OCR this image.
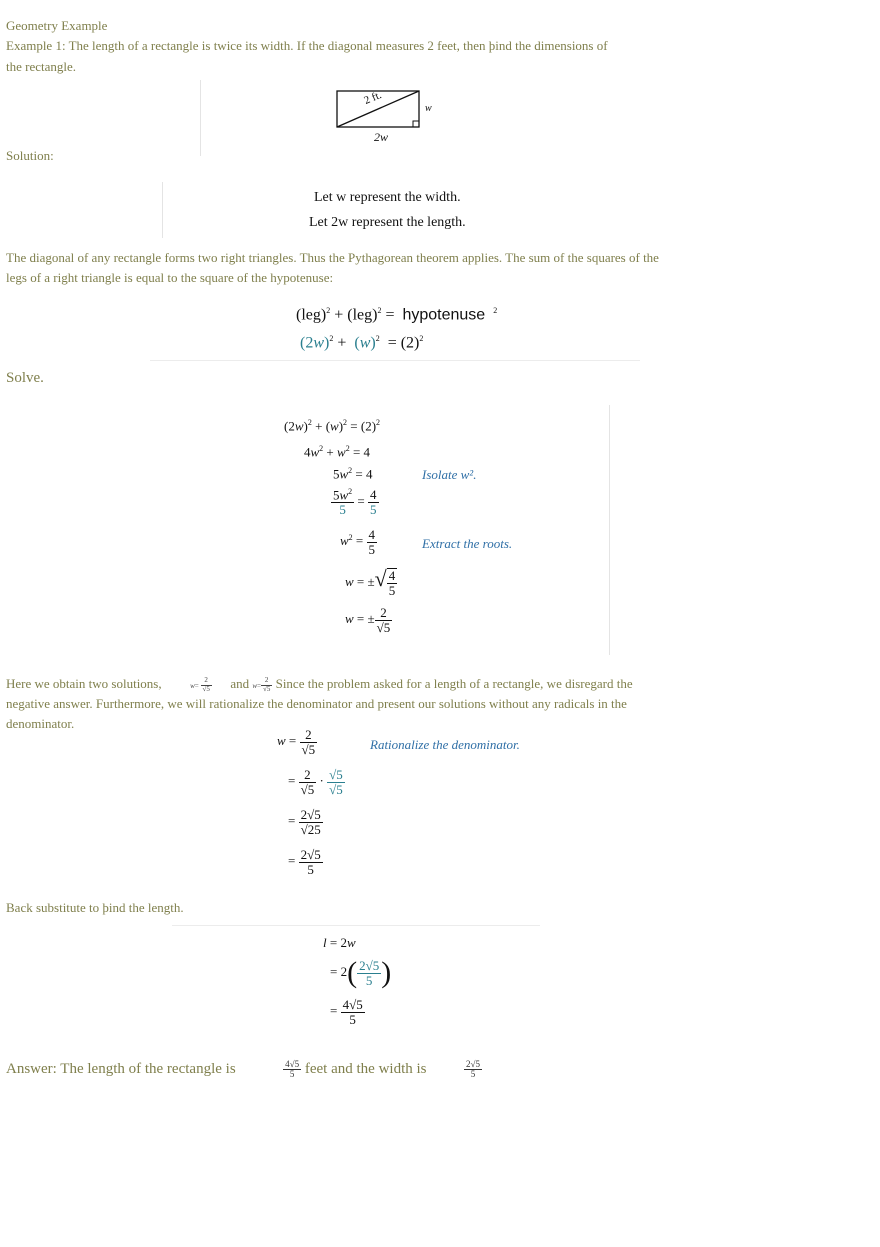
Geometry Example
Example 1: The length of a rectangle is twice its width. If the diagonal measures 2 feet, then þind the dimensions of
the rectangle.
2 ft.
w
2w
Solution:
Let w represent the width.
Let 2w represent the length.
The diagonal of any rectangle forms two right triangles. Thus the Pythagorean theorem applies. The sum of the squares of the
legs of a right triangle is equal to the square of the hypotenuse:
(leg)$^2$ + (leg)$^2$ = hypotenuse $^2$
$(2w)^2 + (w)^2 = (2)^2$
Solve.
$(2w)^2 + (w)^2 = (2)^2$
$4w^2 + w^2 = 4$
$5w^2 = 4$	Isolate w².
$\frac{5w^2}{5} = \frac{4}{5}$
$w^2 = \frac{4}{5}$	Extract the roots.
w = ±√ $\frac{4}{5}$
w = ± $\frac{2}{√5}$
Here we obtain two solutions,	$w= \frac{2}{√5}$ and $w= \frac{2}{√5}$ Since the problem asked for a length of a rectangle, we disregard the
negative answer. Furthermore, we will rationalize the denominator and present our solutions without any radicals in the
denominator.
$w = \frac{2}{√5}$	Rationalize the denominator.
= $\frac{2}{√5} \cdot \frac{√5}{√5}$
= $\frac{2√5}{√25}$
= $\frac{2√5}{5}$
Back substitute to þind the length.
l = 2w
= $2( \frac{2√5}{5}$ )
= $\frac{4√5}{5}$
Answer: The length of the rectangle is	$\frac{4√5}{5}$ feet and the width is	$\frac{2√5}{5}$
